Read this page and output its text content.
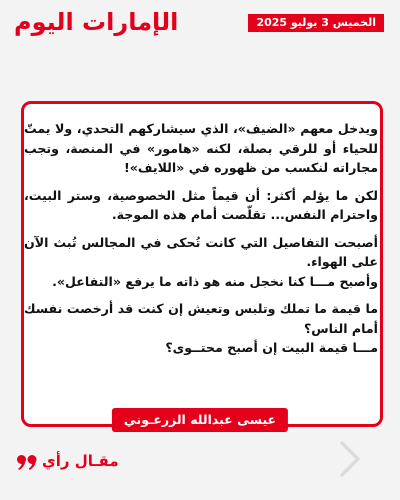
الإمارات اليوم	الخميس 3 يوليو 2025

ويدخل معهم «الضيف»، الذي سيشاركهم التحدي، ولا يمتّ للحياء أو للرقي بصلة، لكنه «هامور» في المنصة، وتجب مجاراته لنكسب من ظهوره في «اللايف»!

لكن ما يؤلم أكثر: أن قيماً مثل الخصوصية، وستر البيت، واحترام النفس... تقلّصت أمام هذه الموجة.

أصبحت التفاصيل التي كانت تُحكى في المجالس تُبث الآن على الهواء.

وأصبح مـــا كنا نخجل منه هو ذاته ما يرفع «التفاعل».

ما قيمة ما تملك وتلبس وتعيش إن كنت قد أرخصت نفسك أمام الناس؟

مـــا قيمة البيت إن أصبح محتــوى؟

عيسى عبدالله الزرعـوني
مقـال رأي
